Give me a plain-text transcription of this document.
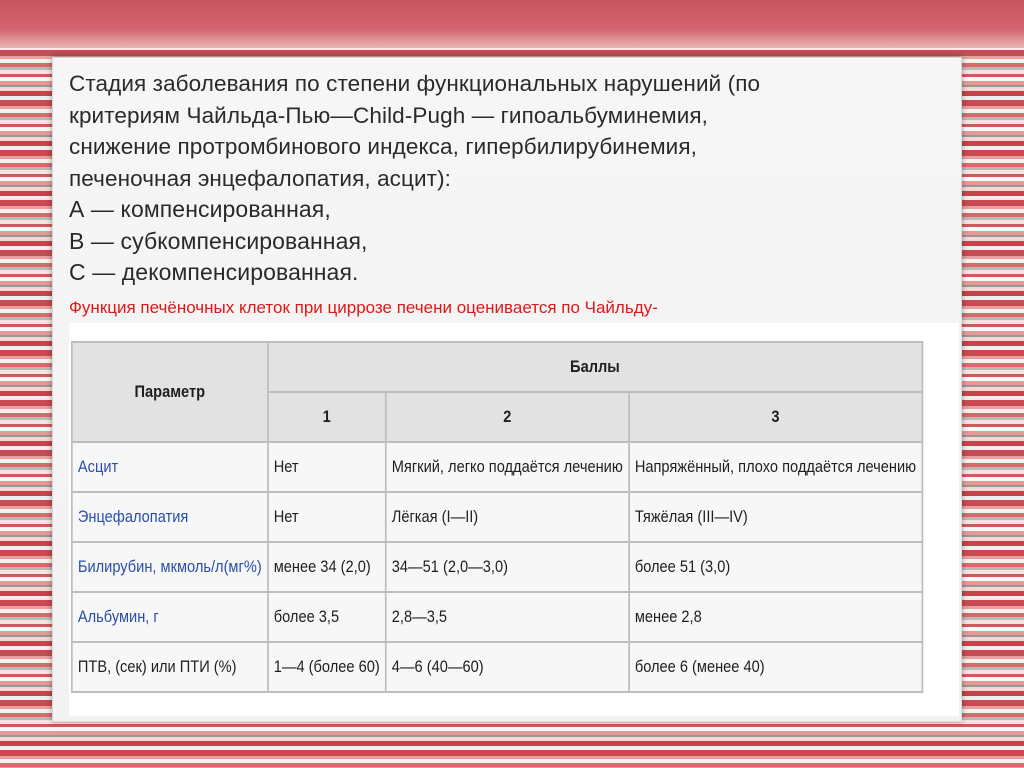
Стадия заболевания по степени функциональных нарушений (по
критериям Чайльда-Пью—Child-Pugh — гипоальбуминемия,
снижение протромбинового индекса, гипербилирубинемия,
печеночная энцефалопатия, асцит):
А — компенсированная,
В — субкомпенсированная,
С — декомпенсированная.
Функция печёночных клеток при циррозе печени оценивается по Чайльду-
Параметр	Баллы		
	1	2	3
Асцит	Нет	Мягкий, легко поддаётся лечению	Напряжённый, плохо поддаётся лечению
Энцефалопатия	Нет	Лёгкая (I—II)	Тяжёлая (III—IV)
Билирубин, мкмоль/л(мг%)	менее 34 (2,0)	34—51 (2,0—3,0)	более 51 (3,0)
Альбумин, г	более 3,5	2,8—3,5	менее 2,8
ПТВ, (сек) или ПТИ (%)	1—4 (более 60)	4—6 (40—60)	более 6 (менее 40)
